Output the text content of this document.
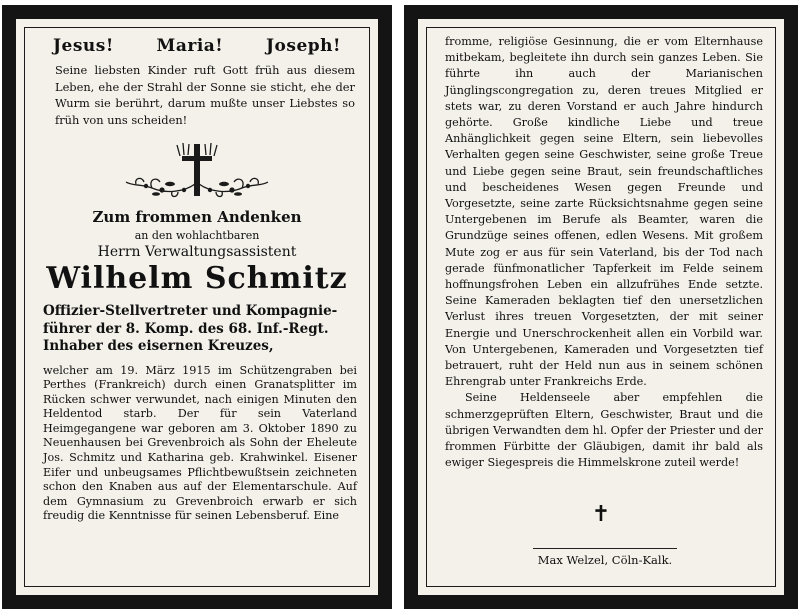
Jesus!	Maria!	Joseph!
Seine liebsten Kinder ruft Gott früh aus diesem Leben, ehe der Strahl der Sonne sie sticht, ehe der Wurm sie berührt, darum mußte unser Liebstes so früh von uns scheiden!
Zum frommen Andenken
an den wohlachtbaren
Herrn Verwaltungsassistent
Wilhelm Schmitz
Offizier-Stellvertreter und Kompagnie-
führer der 8. Komp. des 68. Inf.-Regt.
Inhaber des eisernen Kreuzes,
welcher am 19. März 1915 im Schützengraben bei Perthes (Frankreich) durch einen Granatsplitter im Rücken schwer verwundet, nach einigen Minuten den Heldentod starb. Der für sein Vaterland Heimgegangene war geboren am 3. Oktober 1890 zu Neuenhausen bei Grevenbroich als Sohn der Eheleute Jos. Schmitz und Katharina geb. Krahwinkel. Eisener Eifer und unbeugsames Pflichtbewußtsein zeichneten schon den Knaben aus auf der Elementarschule. Auf dem Gymnasium zu Grevenbroich erwarb er sich freudig die Kenntnisse für seinen Lebensberuf. Eine

fromme, religiöse Gesinnung, die er vom Elternhause mitbekam, begleitete ihn durch sein ganzes Leben. Sie führte ihn auch der Marianischen Jünglingscongregation zu, deren treues Mitglied er stets war, zu deren Vorstand er auch Jahre hindurch gehörte. Große kindliche Liebe und treue Anhänglichkeit gegen seine Eltern, sein liebevolles Verhalten gegen seine Geschwister, seine große Treue und Liebe gegen seine Braut, sein freundschaftliches und bescheidenes Wesen gegen Freunde und Vorgesetzte, seine zarte Rücksichtsnahme gegen seine Untergebenen im Berufe als Beamter, waren die Grundzüge seines offenen, edlen Wesens. Mit großem Mute zog er aus für sein Vaterland, bis der Tod nach gerade fünfmonatlicher Tapferkeit im Felde seinem hoffnungsfrohen Leben ein allzufrühes Ende setzte. Seine Kameraden beklagten tief den unersetzlichen Verlust ihres treuen Vorgesetzten, der mit seiner Energie und Unerschrockenheit allen ein Vorbild war. Von Untergebenen, Kameraden und Vorgesetzten tief betrauert, ruht der Held nun aus in seinem schönen Ehrengrab unter Frankreichs Erde.

Seine Heldenseele aber empfehlen die schmerzgeprüften Eltern, Geschwister, Braut und die übrigen Verwandten dem hl. Opfer der Priester und der frommen Fürbitte der Gläubigen, damit ihr bald als ewiger Siegespreis die Himmelskrone zuteil werde!

✝
Max Welzel, Cöln-Kalk.
